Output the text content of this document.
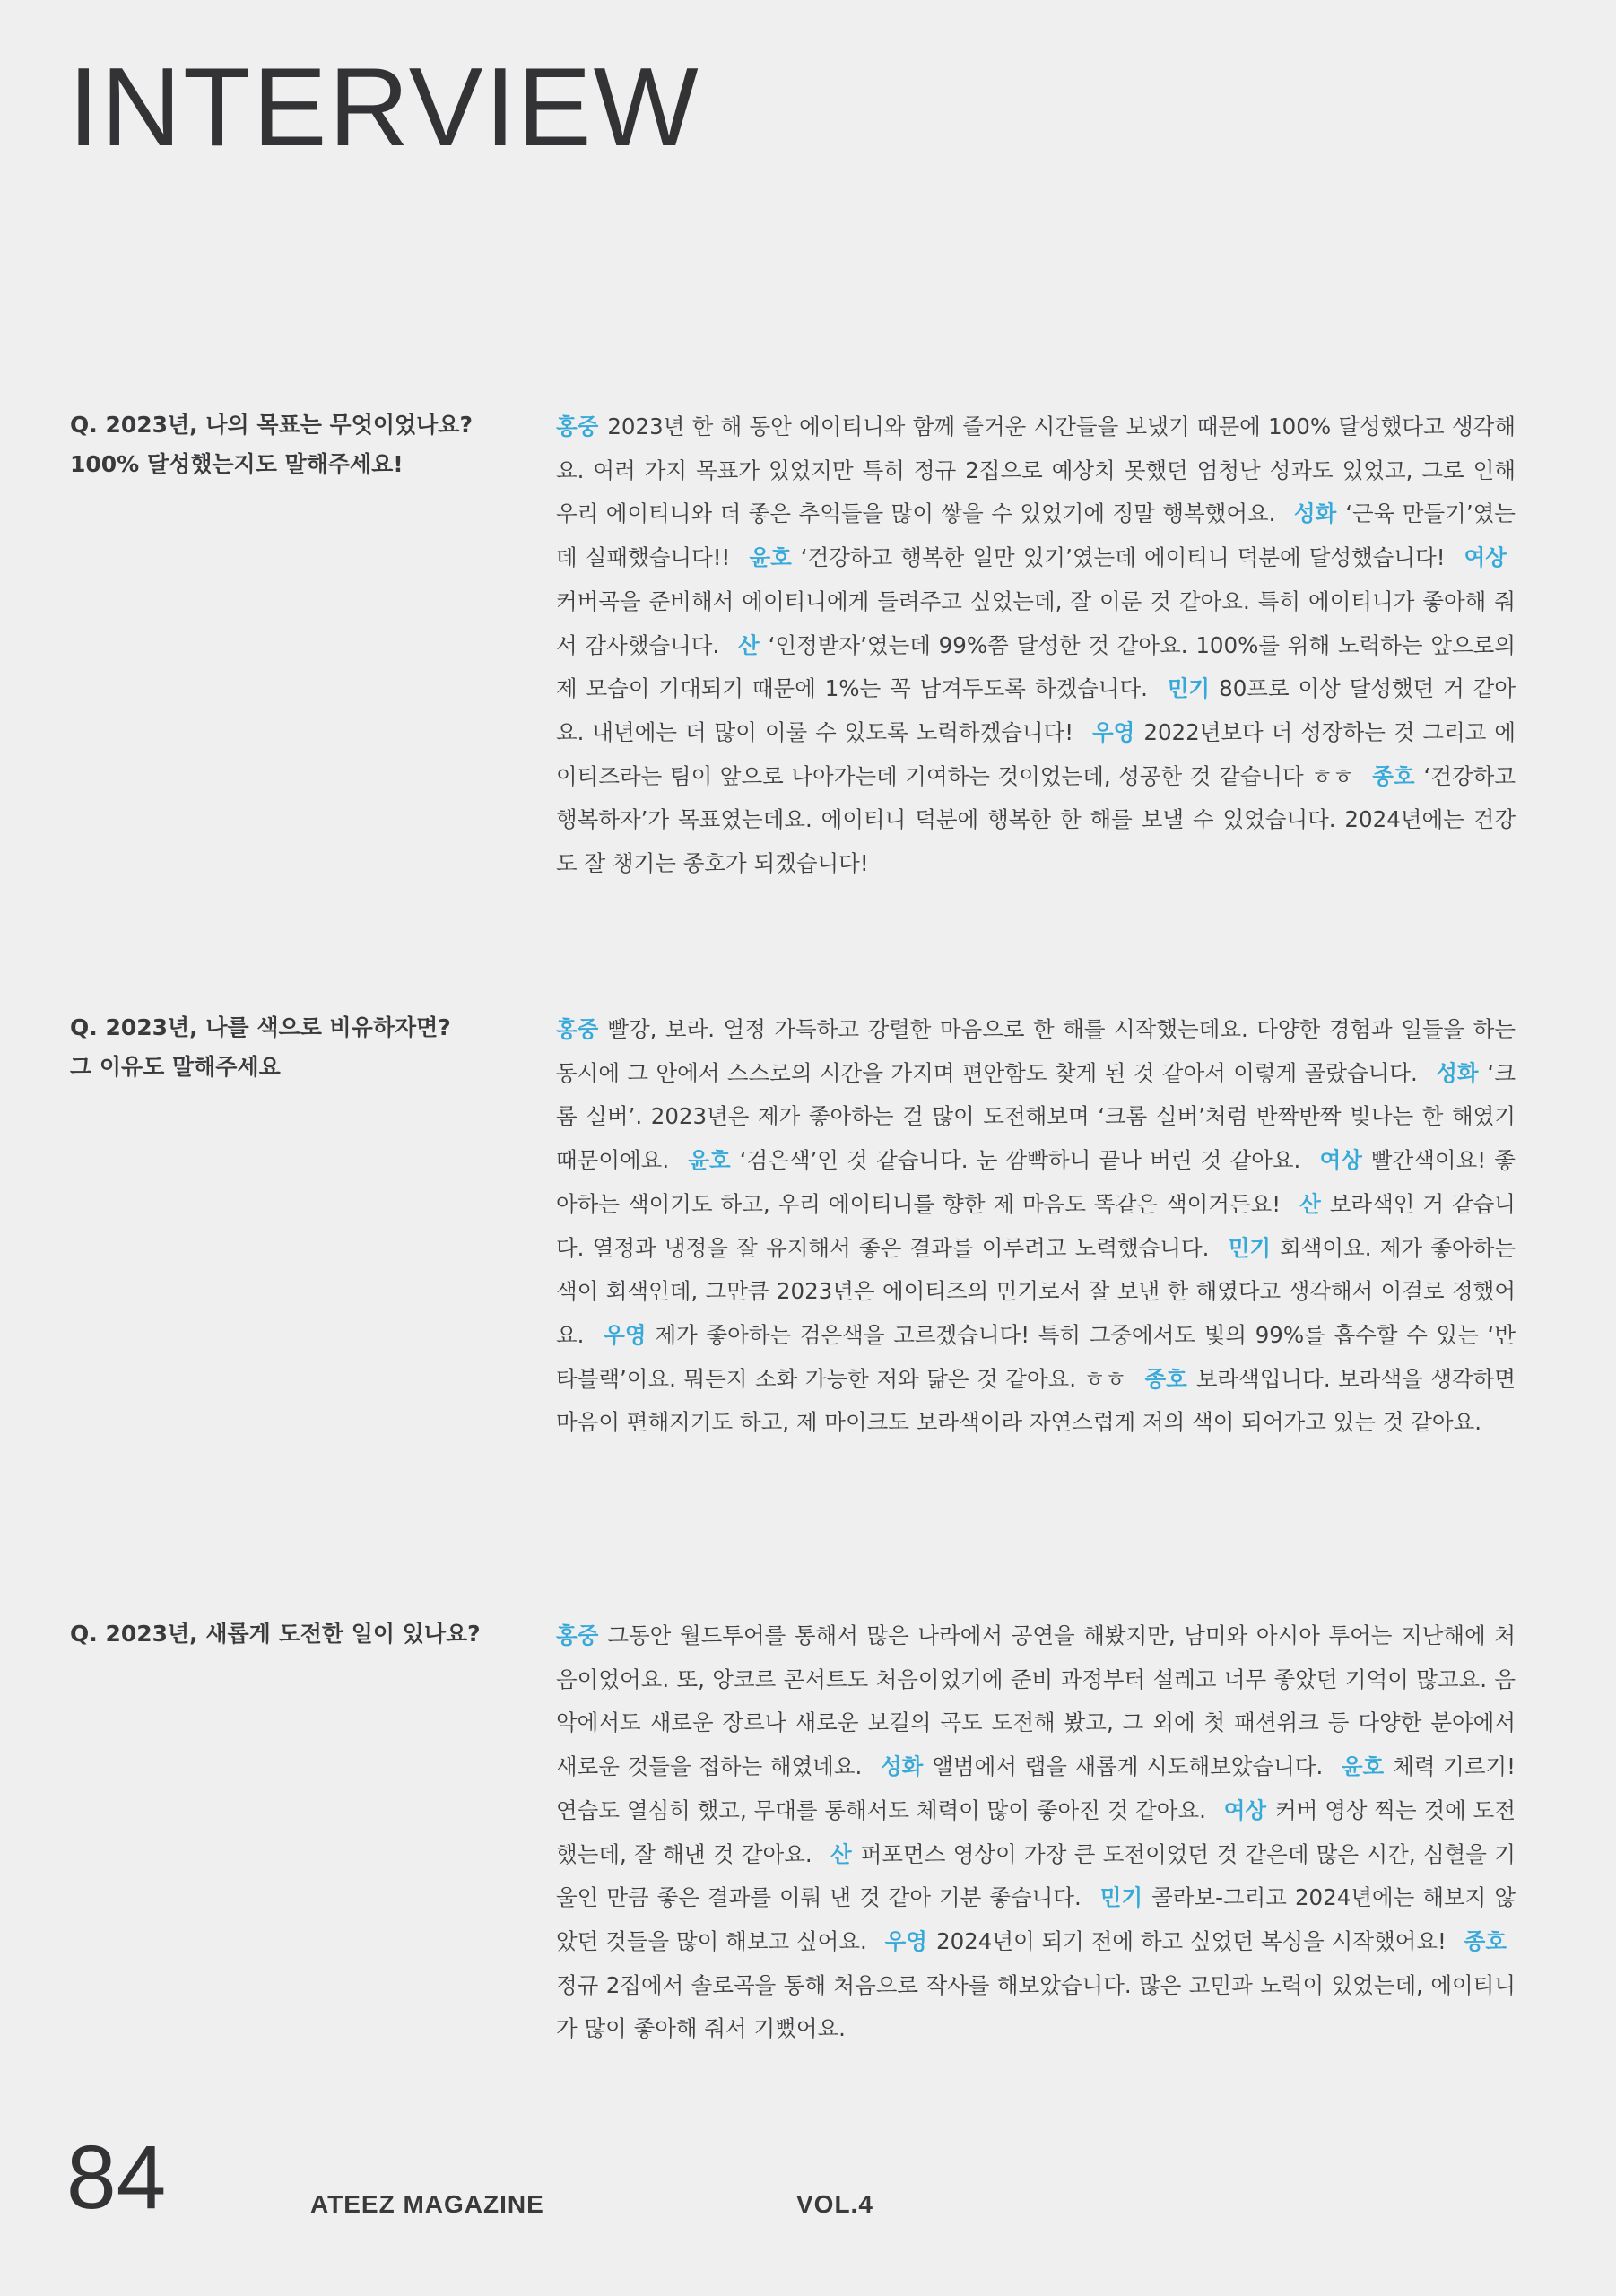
INTERVIEW
Q. 2023년, 나의 목표는 무엇이었나요?
100% 달성했는지도 말해주세요!

홍중 2023년 한 해 동안 에이티니와 함께 즐거운 시간들을 보냈기 때문에 100% 달성했다고 생각해요. 여러 가지 목표가 있었지만 특히 정규 2집으로 예상치 못했던 엄청난 성과도 있었고, 그로 인해 우리 에이티니와 더 좋은 추억들을 많이 쌓을 수 있었기에 정말 행복했어요. 성화 ‘근육 만들기’였는데 실패했습니다!! 윤호 ‘건강하고 행복한 일만 있기’였는데 에이티니 덕분에 달성했습니다! 여상커버곡을 준비해서 에이티니에게 들려주고 싶었는데, 잘 이룬 것 같아요. 특히 에이티니가 좋아해 줘서 감사했습니다. 산 ‘인정받자’였는데 99%쯤 달성한 것 같아요. 100%를 위해 노력하는 앞으로의 제 모습이 기대되기 때문에 1%는 꼭 남겨두도록 하겠습니다. 민기 80프로 이상 달성했던 거 같아요. 내년에는 더 많이 이룰 수 있도록 노력하겠습니다! 우영 2022년보다 더 성장하는 것 그리고 에이티즈라는 팀이 앞으로 나아가는데 기여하는 것이었는데, 성공한 것 같습니다 ㅎㅎ 종호 ‘건강하고 행복하자’가 목표였는데요. 에이티니 덕분에 행복한 한 해를 보낼 수 있었습니다. 2024년에는 건강도 잘 챙기는 종호가 되겠습니다!

Q. 2023년, 나를 색으로 비유하자면?
그 이유도 말해주세요

홍중 빨강, 보라. 열정 가득하고 강렬한 마음으로 한 해를 시작했는데요. 다양한 경험과 일들을 하는 동시에 그 안에서 스스로의 시간을 가지며 편안함도 찾게 된 것 같아서 이렇게 골랐습니다. 성화 ‘크롬 실버’. 2023년은 제가 좋아하는 걸 많이 도전해보며 ‘크롬 실버’처럼 반짝반짝 빛나는 한 해였기 때문이에요. 윤호 ‘검은색’인 것 같습니다. 눈 깜빡하니 끝나 버린 것 같아요. 여상 빨간색이요! 좋아하는 색이기도 하고, 우리 에이티니를 향한 제 마음도 똑같은 색이거든요! 산 보라색인 거 같습니다. 열정과 냉정을 잘 유지해서 좋은 결과를 이루려고 노력했습니다. 민기 회색이요. 제가 좋아하는 색이 회색인데, 그만큼 2023년은 에이티즈의 민기로서 잘 보낸 한 해였다고 생각해서 이걸로 정했어요. 우영 제가 좋아하는 검은색을 고르겠습니다! 특히 그중에서도 빛의 99%를 흡수할 수 있는 ‘반타블랙’이요. 뭐든지 소화 가능한 저와 닮은 것 같아요. ㅎㅎ 종호 보라색입니다. 보라색을 생각하면 마음이 편해지기도 하고, 제 마이크도 보라색이라 자연스럽게 저의 색이 되어가고 있는 것 같아요.

Q. 2023년, 새롭게 도전한 일이 있나요?	홍중 그동안 월드투어를 통해서 많은 나라에서 공연을 해봤지만, 남미와 아시아 투어는 지난해에 처음이었어요. 또, 앙코르 콘서트도 처음이었기에 준비 과정부터 설레고 너무 좋았던 기억이 많고요. 음악에서도 새로운 장르나 새로운 보컬의 곡도 도전해 봤고, 그 외에 첫 패션위크 등 다양한 분야에서 새로운 것들을 접하는 해였네요. 성화 앨범에서 랩을 새롭게 시도해보았습니다. 윤호 체력 기르기! 연습도 열심히 했고, 무대를 통해서도 체력이 많이 좋아진 것 같아요. 여상 커버 영상 찍는 것에 도전했는데, 잘 해낸 것 같아요. 산 퍼포먼스 영상이 가장 큰 도전이었던 것 같은데 많은 시간, 심혈을 기울인 만큼 좋은 결과를 이뤄 낸 것 같아 기분 좋습니다. 민기 콜라보-그리고 2024년에는 해보지 않았던 것들을 많이 해보고 싶어요. 우영 2024년이 되기 전에 하고 싶었던 복싱을 시작했어요! 종호정규 2집에서 솔로곡을 통해 처음으로 작사를 해보았습니다. 많은 고민과 노력이 있었는데, 에이티니가 많이 좋아해 줘서 기뻤어요.

84	ATEEZ MAGAZINE	VOL.4
